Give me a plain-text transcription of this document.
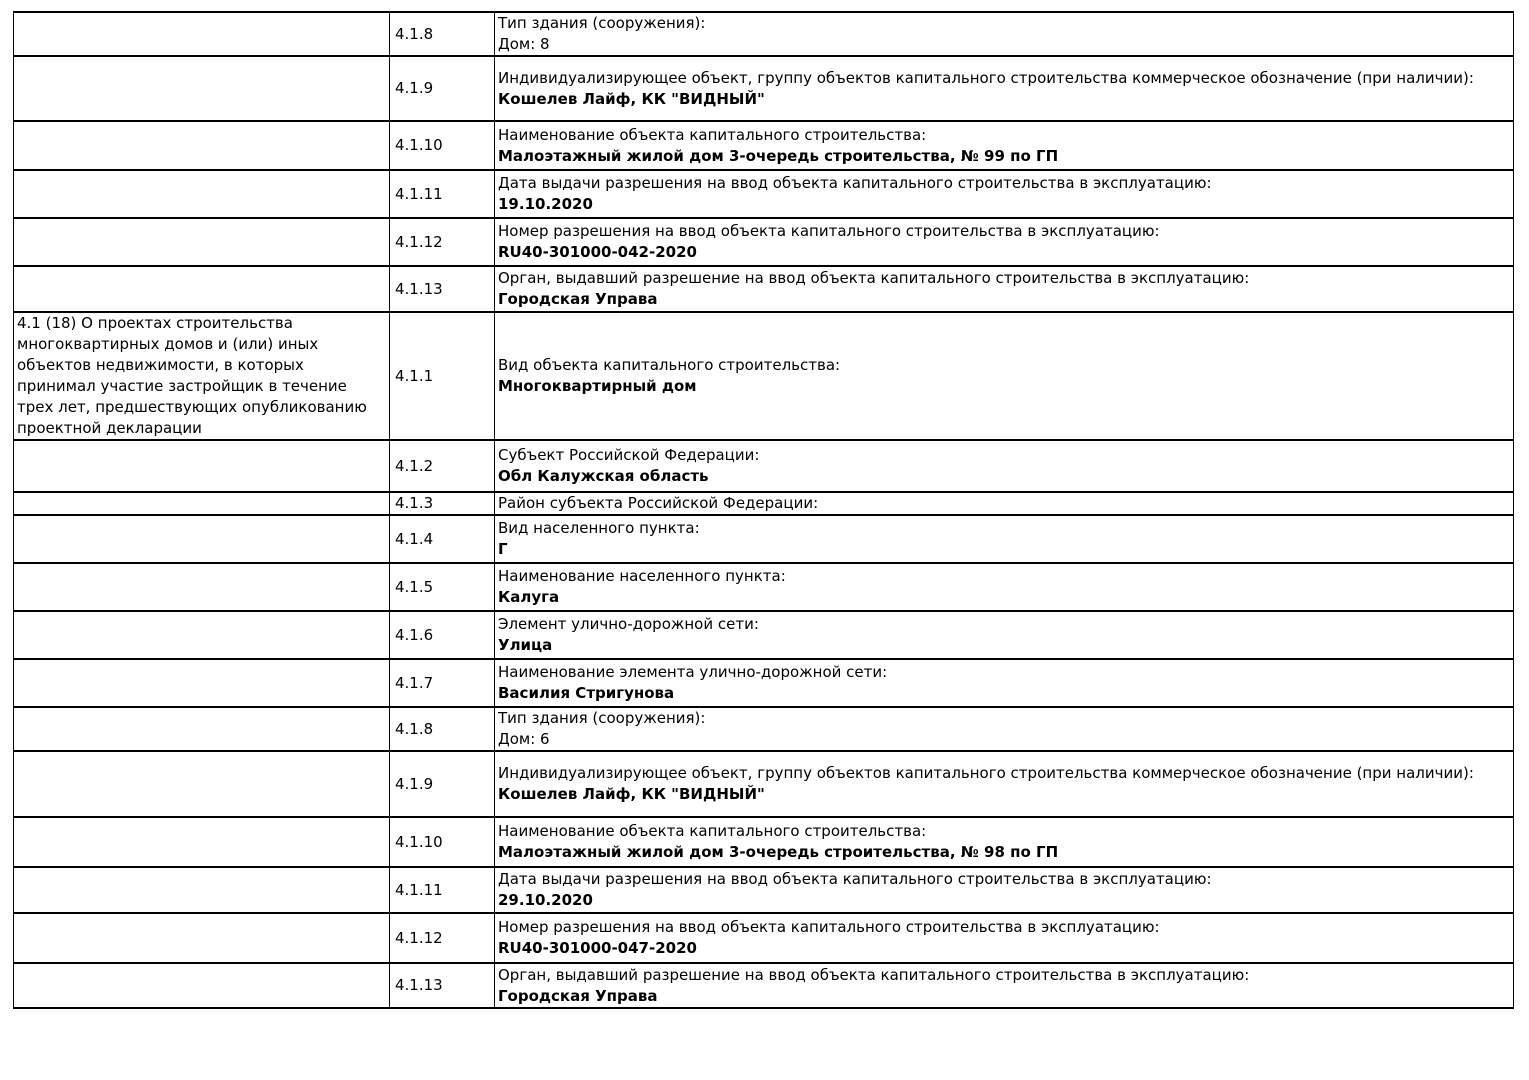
	4.1.8	Тип здания (сооружения):
Дом: 8

	4.1.9	Индивидуализирующее объект, группу объектов капитального строительства коммерческое обозначение (при наличии):
Кошелев Лайф, КК "ВИДНЫЙ"

	4.1.10	Наименование объекта капитального строительства:
Малоэтажный жилой дом 3-очередь строительства, № 99 по ГП

	4.1.11	Дата выдачи разрешения на ввод объекта капитального строительства в эксплуатацию:
19.10.2020

	4.1.12	Номер разрешения на ввод объекта капитального строительства в эксплуатацию:
RU40-301000-042-2020

	4.1.13	Орган, выдавший разрешение на ввод объекта капитального строительства в эксплуатацию:
Городская Управа

4.1 (18) О проектах строительства многоквартирных домов и (или) иных объектов недвижимости, в которых принимал участие застройщик в течение трех лет, предшествующих опубликованию проектной декларации	4.1.1	Вид объекта капитального строительства:
Многоквартирный дом

	4.1.2	Субъект Российской Федерации:
Обл Калужская область

	4.1.3	Район субъекта Российской Федерации:

	4.1.4	Вид населенного пункта:
Г

	4.1.5	Наименование населенного пункта:
Калуга

	4.1.6	Элемент улично-дорожной сети:
Улица

	4.1.7	Наименование элемента улично-дорожной сети:
Василия Стригунова

	4.1.8	Тип здания (сооружения):
Дом: 6

	4.1.9	Индивидуализирующее объект, группу объектов капитального строительства коммерческое обозначение (при наличии):
Кошелев Лайф, КК "ВИДНЫЙ"

	4.1.10	Наименование объекта капитального строительства:
Малоэтажный жилой дом 3-очередь строительства, № 98 по ГП

	4.1.11	Дата выдачи разрешения на ввод объекта капитального строительства в эксплуатацию:
29.10.2020

	4.1.12	Номер разрешения на ввод объекта капитального строительства в эксплуатацию:
RU40-301000-047-2020

	4.1.13	Орган, выдавший разрешение на ввод объекта капитального строительства в эксплуатацию:
Городская Управа
